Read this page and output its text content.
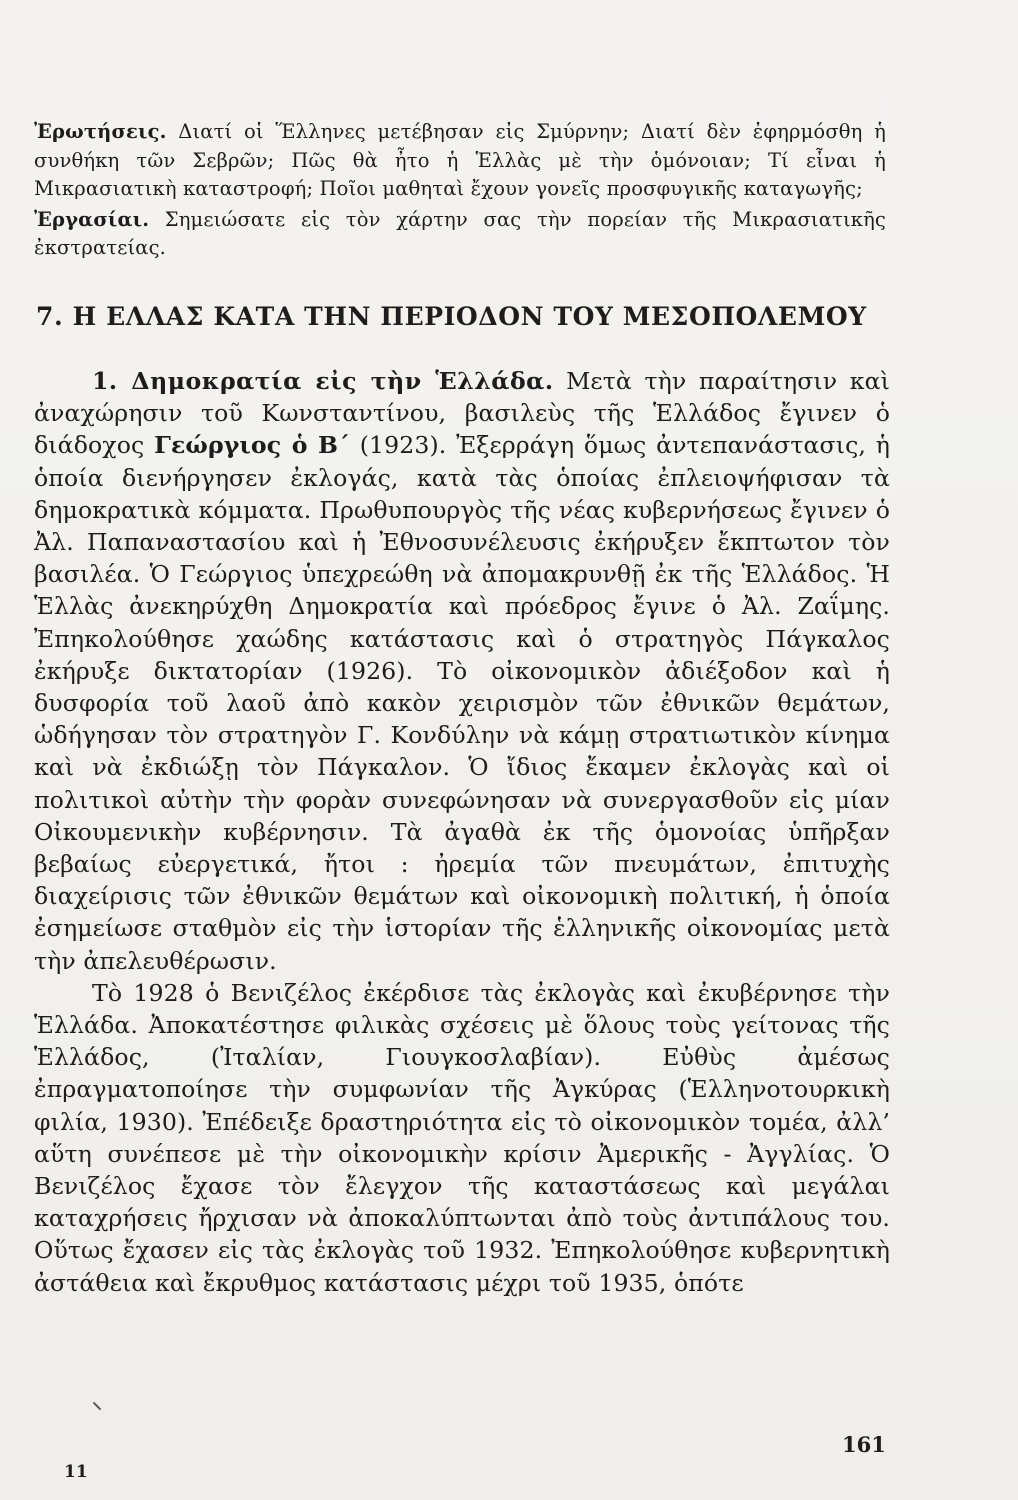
Ἐρωτήσεις. Διατί οἱ Ἕλληνες μετέβησαν εἰς Σμύρνην; Διατί δὲν ἐφηρμόσθη ἡ συνθήκη τῶν Σεβρῶν; Πῶς θὰ ἦτο ἡ Ἑλλὰς μὲ τὴν ὁμόνοιαν; Τί εἶναι ἡ Μικρασιατικὴ καταστροφή; Ποῖοι μαθηταὶ ἔχουν γονεῖς προσφυγικῆς καταγωγῆς;

Ἐργασίαι. Σημειώσατε εἰς τὸν χάρτην σας τὴν πορείαν τῆς Μικρασιατικῆς ἐκστρατείας.

7. Η ΕΛΛΑΣ ΚΑΤΑ ΤΗΝ ΠΕΡΙΟΔΟΝ ΤΟΥ ΜΕΣΟΠΟΛΕΜΟΥ

1. Δημοκρατία εἰς τὴν Ἑλλάδα. Μετὰ τὴν παραίτησιν καὶ ἀναχώρησιν τοῦ Κωνσταντίνου, βασιλεὺς τῆς Ἑλλάδος ἔγινεν ὁ διάδοχος Γεώργιος ὁ Β΄ (1923). Ἐξερράγη ὅμως ἀντεπανάστασις, ἡ ὁποία διενήργησεν ἐκλογάς, κατὰ τὰς ὁποίας ἐπλειοψήφισαν τὰ δημοκρατικὰ κόμματα. Πρωθυπουργὸς τῆς νέας κυβερνήσεως ἔγινεν ὁ Ἀλ. Παπαναστασίου καὶ ἡ Ἐθνοσυνέλευσις ἐκήρυξεν ἔκπτωτον τὸν βασιλέα. Ὁ Γεώργιος ὑπεχρεώθη νὰ ἀπομακρυνθῇ ἐκ τῆς Ἑλλάδος. Ἡ Ἑλλὰς ἀνεκηρύχθη Δημοκρατία καὶ πρόεδρος ἔγινε ὁ Ἀλ. Ζαΐμης. Ἐπηκολούθησε χαώδης κατάστασις καὶ ὁ στρατηγὸς Πάγκαλος ἐκήρυξε δικτατορίαν (1926). Τὸ οἰκονομικὸν ἀδιέξοδον καὶ ἡ δυσφορία τοῦ λαοῦ ἀπὸ κακὸν χειρισμὸν τῶν ἐθνικῶν θεμάτων, ὡδήγησαν τὸν στρατηγὸν Γ. Κονδύλην νὰ κάμῃ στρατιωτικὸν κίνημα καὶ νὰ ἐκδιώξῃ τὸν Πάγκαλον. Ὁ ἴδιος ἔκαμεν ἐκλογὰς καὶ οἱ πολιτικοὶ αὐτὴν τὴν φορὰν συνεφώνησαν νὰ συνεργασθοῦν εἰς μίαν Οἰκουμενικὴν κυβέρνησιν. Τὰ ἀγαθὰ ἐκ τῆς ὁμονοίας ὑπῆρξαν βεβαίως εὐεργετικά, ἤτοι : ἠρεμία τῶν πνευμάτων, ἐπιτυχὴς διαχείρισις τῶν ἐθνικῶν θεμάτων καὶ οἰκονομικὴ πολιτική, ἡ ὁποία ἐσημείωσε σταθμὸν εἰς τὴν ἱστορίαν τῆς ἑλληνικῆς οἰκονομίας μετὰ τὴν ἀπελευθέρωσιν.

Τὸ 1928 ὁ Βενιζέλος ἐκέρδισε τὰς ἐκλογὰς καὶ ἐκυβέρνησε τὴν Ἑλλάδα. Ἀποκατέστησε φιλικὰς σχέσεις μὲ ὅλους τοὺς γείτονας τῆς Ἑλλάδος, (Ἰταλίαν, Γιουγκοσλαβίαν). Εὐθὺς ἀμέσως ἐπραγματοποίησε τὴν συμφωνίαν τῆς Ἀγκύρας (Ἑλληνοτουρκικὴ φιλία, 1930). Ἐπέδειξε δραστηριότητα εἰς τὸ οἰκονομικὸν τομέα, ἀλλ’ αὕτη συνέπεσε μὲ τὴν οἰκονομικὴν κρίσιν Ἀμερικῆς - Ἀγγλίας. Ὁ Βενιζέλος ἔχασε τὸν ἔλεγχον τῆς καταστάσεως καὶ μεγάλαι καταχρήσεις ἤρχισαν νὰ ἀποκαλύπτωνται ἀπὸ τοὺς ἀντιπάλους του. Οὕτως ἔχασεν εἰς τὰς ἐκλογὰς τοῦ 1932. Ἐπηκολούθησε κυβερνητικὴ ἀστάθεια καὶ ἔκρυθμος κατάστασις μέχρι τοῦ 1935, ὁπότε

161
11
